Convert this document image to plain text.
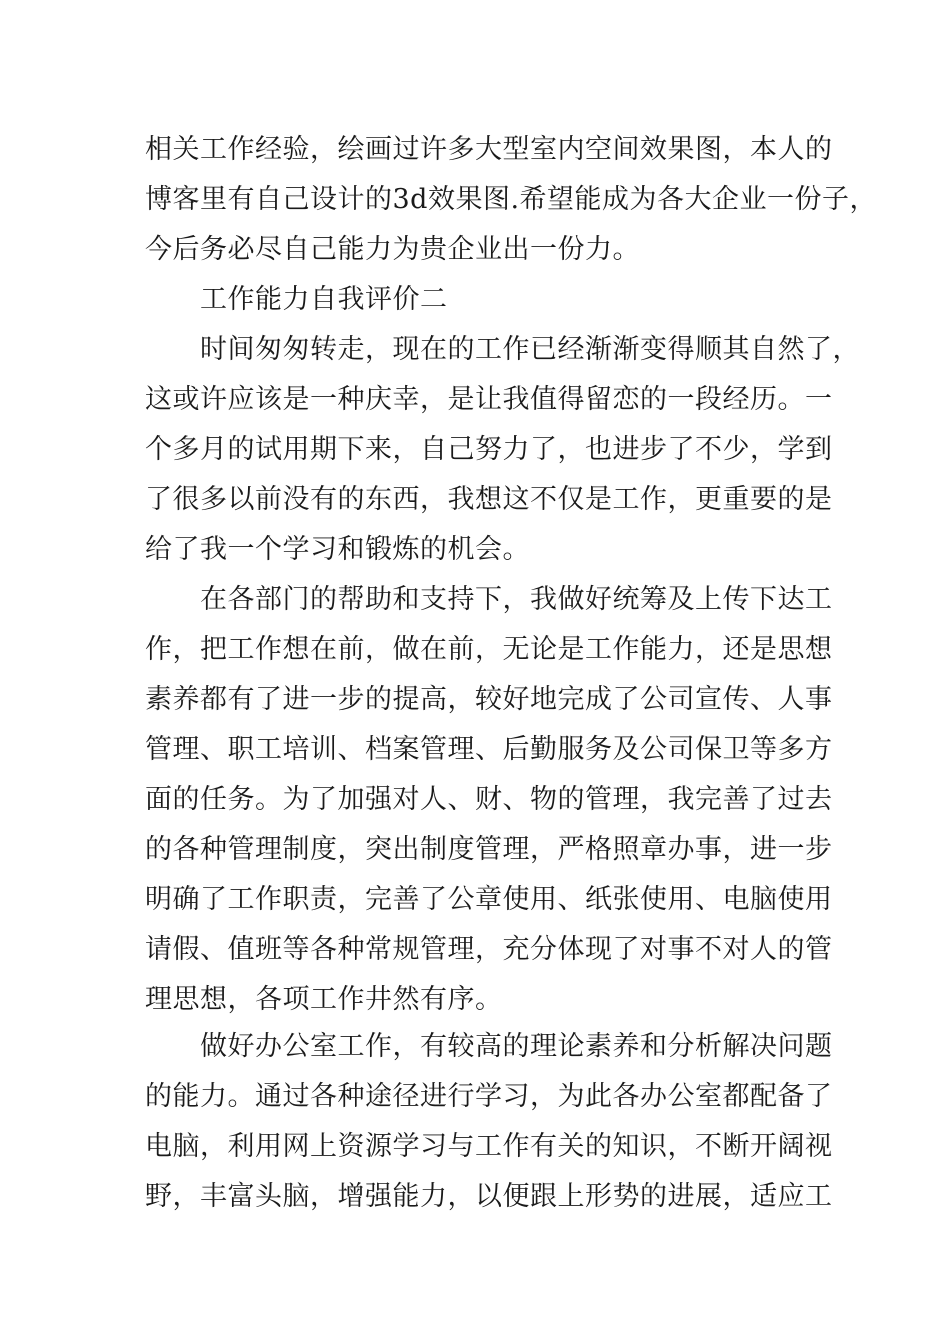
相关工作经验，绘画过许多大型室内空间效果图，本人的
博客里有自己设计的3d效果图.希望能成为各大企业一份子，
今后务必尽自己能力为贵企业出一份力。
工作能力自我评价二
时间匆匆转走，现在的工作已经渐渐变得顺其自然了，
这或许应该是一种庆幸，是让我值得留恋的一段经历。一
个多月的试用期下来，自己努力了，也进步了不少，学到
了很多以前没有的东西，我想这不仅是工作，更重要的是
给了我一个学习和锻炼的机会。
在各部门的帮助和支持下，我做好统筹及上传下达工
作，把工作想在前，做在前，无论是工作能力，还是思想
素养都有了进一步的提高，较好地完成了公司宣传、人事
管理、职工培训、档案管理、后勤服务及公司保卫等多方
面的任务。为了加强对人、财、物的管理，我完善了过去
的各种管理制度，突出制度管理，严格照章办事，进一步
明确了工作职责，完善了公章使用、纸张使用、电脑使用
请假、值班等各种常规管理，充分体现了对事不对人的管
理思想，各项工作井然有序。
做好办公室工作，有较高的理论素养和分析解决问题
的能力。通过各种途径进行学习，为此各办公室都配备了
电脑，利用网上资源学习与工作有关的知识，不断开阔视
野，丰富头脑，增强能力，以便跟上形势的进展，适应工
